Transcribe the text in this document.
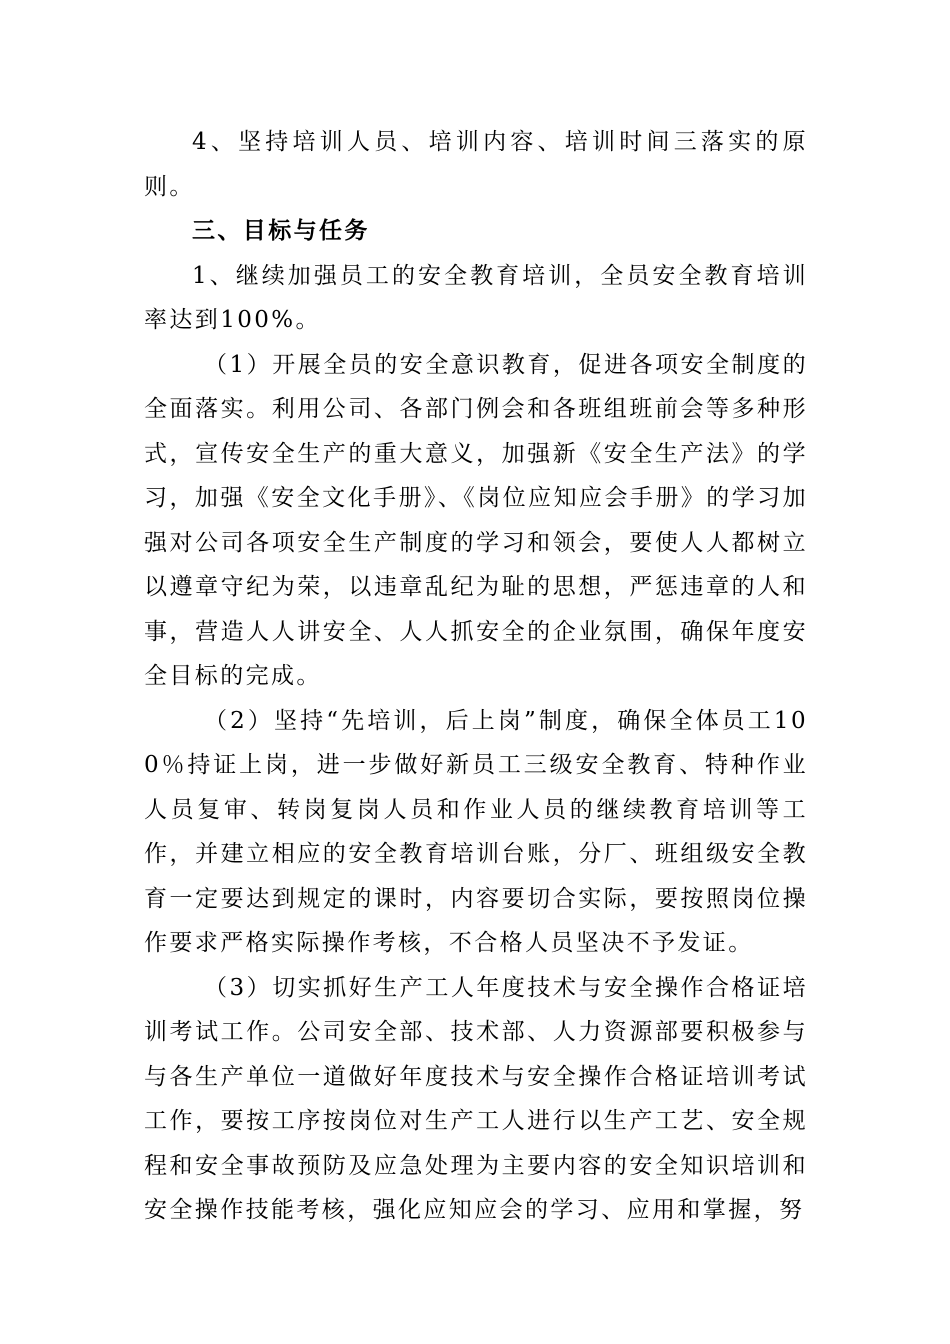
4、坚持培训人员、培训内容、培训时间三落实的原则。

三、目标与任务

1、继续加强员工的安全教育培训，全员安全教育培训率达到100%。

（1）开展全员的安全意识教育，促进各项安全制度的全面落实。利用公司、各部门例会和各班组班前会等多种形式，宣传安全生产的重大意义，加强新《安全生产法》的学习，加强《安全文化手册》、《岗位应知应会手册》的学习加强对公司各项安全生产制度的学习和领会，要使人人都树立以遵章守纪为荣，以违章乱纪为耻的思想，严惩违章的人和事，营造人人讲安全、人人抓安全的企业氛围，确保年度安全目标的完成。

（2）坚持“先培训，后上岗”制度，确保全体员工100％持证上岗，进一步做好新员工三级安全教育、特种作业人员复审、转岗复岗人员和作业人员的继续教育培训等工作，并建立相应的安全教育培训台账，分厂、班组级安全教育一定要达到规定的课时，内容要切合实际，要按照岗位操作要求严格实际操作考核，不合格人员坚决不予发证。

（3）切实抓好生产工人年度技术与安全操作合格证培训考试工作。公司安全部、技术部、人力资源部要积极参与与各生产单位一道做好年度技术与安全操作合格证培训考试工作，要按工序按岗位对生产工人进行以生产工艺、安全规程和安全事故预防及应急处理为主要内容的安全知识培训和安全操作技能考核，强化应知应会的学习、应用和掌握，努
